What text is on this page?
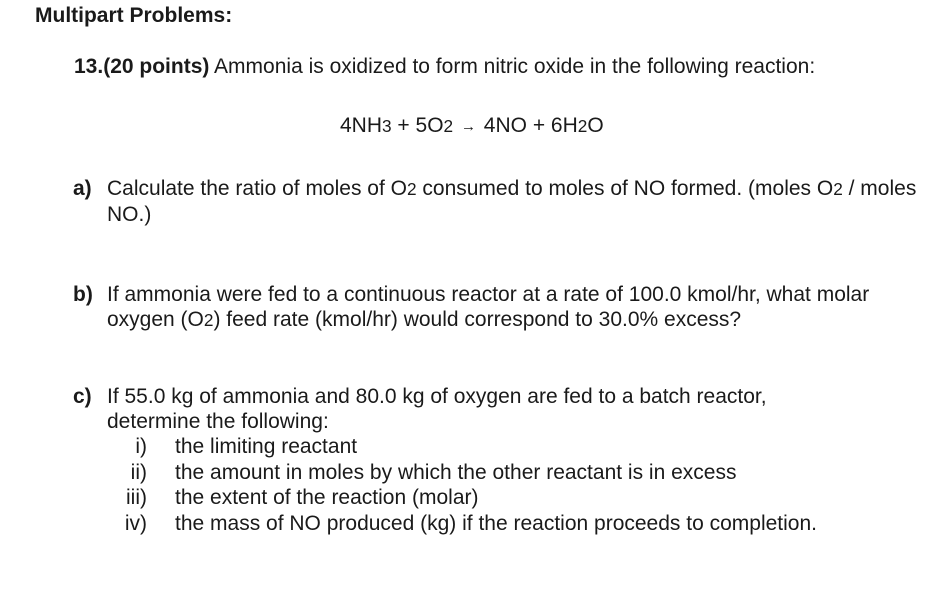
Multipart Problems:
13.(20 points) Ammonia is oxidized to form nitric oxide in the following reaction:
4NH3 + 5O2 → 4NO + 6H2O
a) Calculate the ratio of moles of O2 consumed to moles of NO formed. (moles O2 / moles NO.)
b) If ammonia were fed to a continuous reactor at a rate of 100.0 kmol/hr, what molar oxygen (O2) feed rate (kmol/hr) would correspond to 30.0% excess?
c) If 55.0 kg of ammonia and 80.0 kg of oxygen are fed to a batch reactor, determine the following:
i) the limiting reactant
ii) the amount in moles by which the other reactant is in excess
iii) the extent of the reaction (molar)
iv) the mass of NO produced (kg) if the reaction proceeds to completion.
